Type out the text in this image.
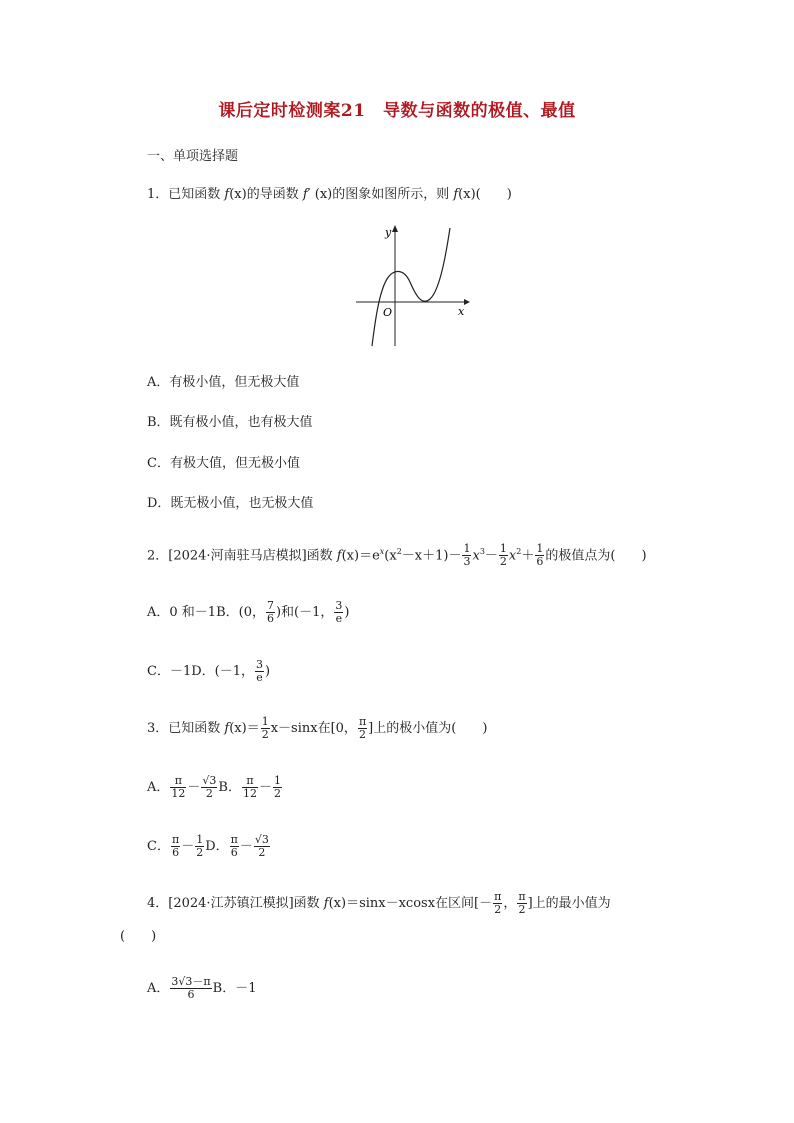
课后定时检测案21　导数与函数的极值、最值
一、单项选择题
1．已知函数 f(x)的导函数 f′ (x)的图象如图所示，则 f(x)(　　)
y
x
O
A．有极小值，但无极大值
B．既有极小值，也有极大值
C．有极大值，但无极小值
D．既无极小值，也无极大值
2．[2024·河南驻马店模拟]函数 $f(x)=e^x(x^2-x+1)- \frac{1}{3} x^3- \frac{1}{2} x^2+ \frac{1}{6}$ 的极值点为(　　)
A．0 和－1B．(0， $\frac{7}{6}$ )和(－1， $\frac{3}{e}$ )
C．－1D．(－1， $\frac{3}{e}$ )
3．已知函数 $f(x)= \frac{1}{2} x-\sin x$在[0， $\frac{\pi}{2}$ ]上的极小值为(　　)
A． $\frac{\pi}{12} - \frac{√3}{2}$ B． $\frac{\pi}{12} - \frac{1}{2}$
C． $\frac{\pi}{6} - \frac{1}{2}$ D． $\frac{\pi}{6} - \frac{√3}{2}$
4．[2024·江苏镇江模拟]函数 f(x)＝sinx－xcosx在区间[－ $\frac{\pi}{2}$ ， $\frac{\pi}{2}$ ]上的最小值为
(　　)
A． $\frac{3√3-\pi}{6}$ B．－1
